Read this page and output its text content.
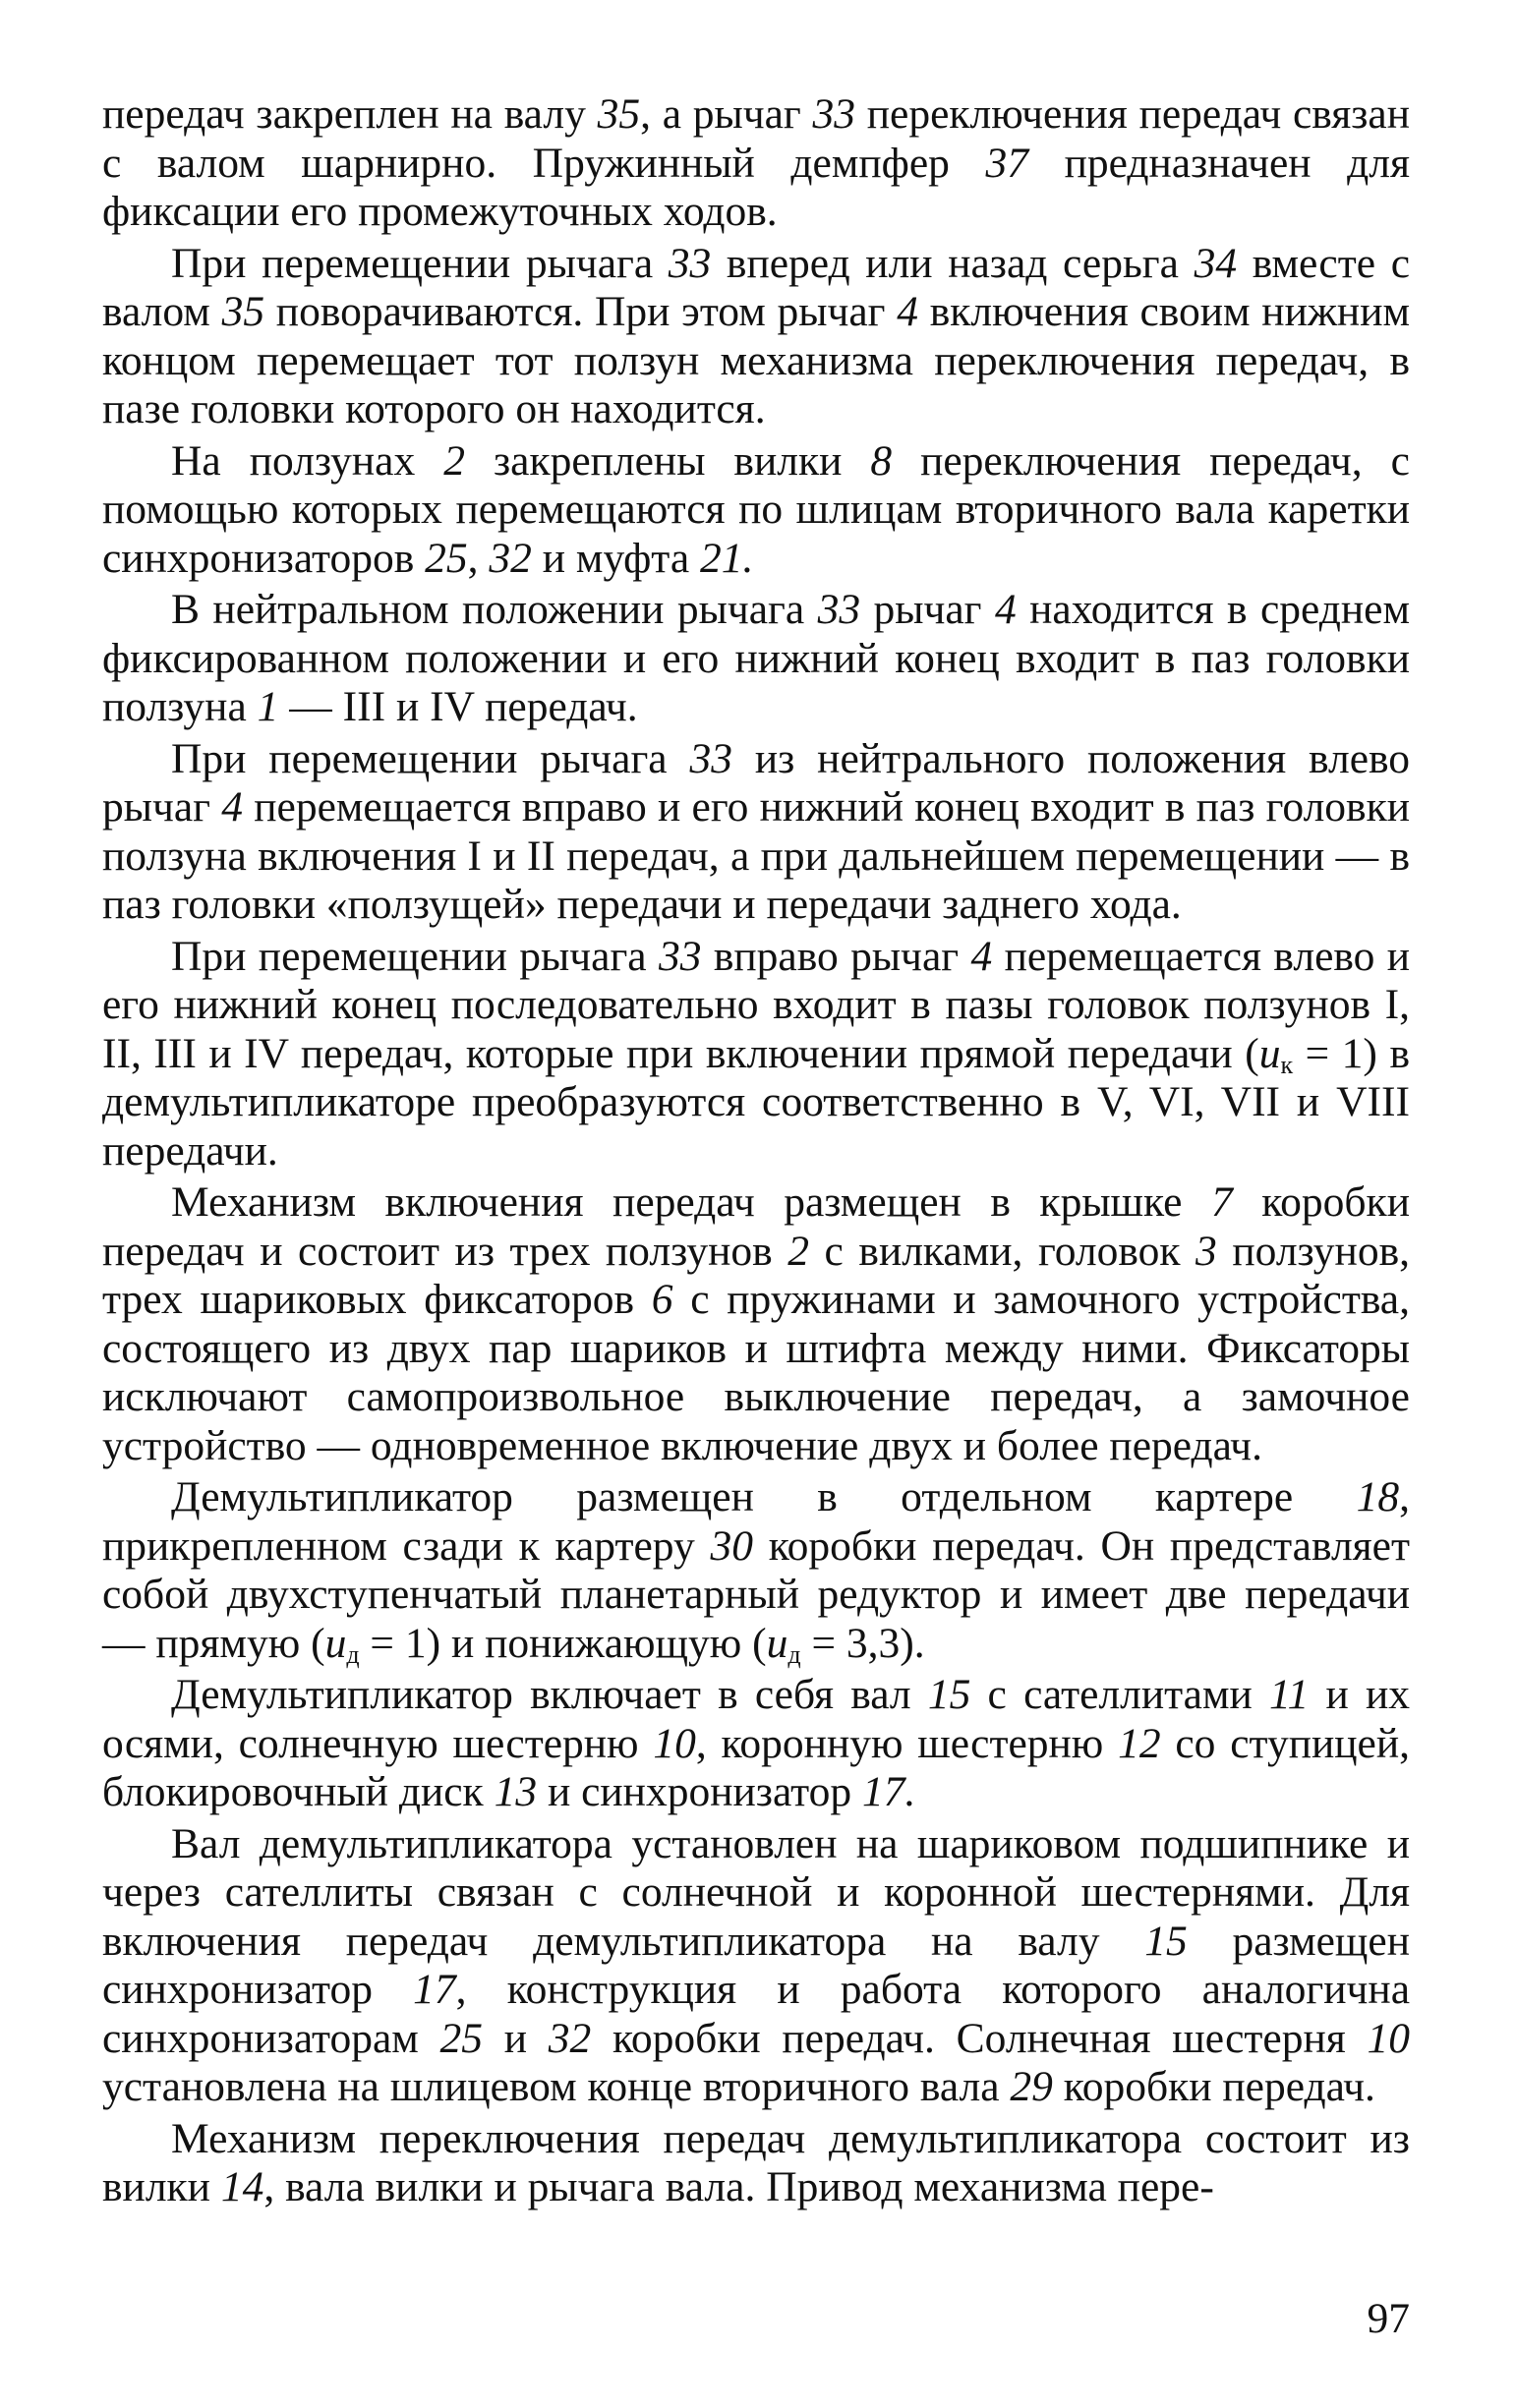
передач закреплен на валу 35, а рычаг 33 переключения передач связан с валом шарнирно. Пружинный демпфер 37 предназначен для фиксации его промежуточных ходов.

При перемещении рычага 33 вперед или назад серьга 34 вместе с валом 35 поворачиваются. При этом рычаг 4 включения своим нижним концом перемещает тот ползун механизма переключения передач, в пазе головки которого он находится.

На ползунах 2 закреплены вилки 8 переключения передач, с помощью которых перемещаются по шлицам вторичного вала каретки синхронизаторов 25, 32 и муфта 21.

В нейтральном положении рычага 33 рычаг 4 находится в среднем фиксированном положении и его нижний конец входит в паз головки ползуна 1 — III и IV передач.

При перемещении рычага 33 из нейтрального положения влево рычаг 4 перемещается вправо и его нижний конец входит в паз головки ползуна включения I и II передач, а при дальнейшем перемещении — в паз головки «ползущей» передачи и передачи заднего хода.

При перемещении рычага 33 вправо рычаг 4 перемещается влево и его нижний конец последовательно входит в пазы головок ползунов I, II, III и IV передач, которые при включении прямой передачи $(u_к = 1)$ в демультипликаторе преобразуются соответственно в V, VI, VII и VIII передачи.

Механизм включения передач размещен в крышке 7 коробки передач и состоит из трех ползунов 2 с вилками, головок 3 ползунов, трех шариковых фиксаторов 6 с пружинами и замочного устройства, состоящего из двух пар шариков и штифта между ними. Фиксаторы исключают самопроизвольное выключение передач, а замочное устройство — одновременное включение двух и более передач.

Демультипликатор размещен в отдельном картере 18, прикрепленном сзади к картеру 30 коробки передач. Он представляет собой двухступенчатый планетарный редуктор и имеет две передачи — прямую $(u_д = 1)$ и понижающую $(u_д = 3,3)$.

Демультипликатор включает в себя вал 15 с сателлитами 11 и их осями, солнечную шестерню 10, коронную шестерню 12 со ступицей, блокировочный диск 13 и синхронизатор 17.

Вал демультипликатора установлен на шариковом подшипнике и через сателлиты связан с солнечной и коронной шестернями. Для включения передач демультипликатора на валу 15 размещен синхронизатор 17, конструкция и работа которого аналогична синхронизаторам 25 и 32 коробки передач. Солнечная шестерня 10 установлена на шлицевом конце вторичного вала 29 коробки передач.

Механизм переключения передач демультипликатора состоит из вилки 14, вала вилки и рычага вала. Привод механизма пере-

97
